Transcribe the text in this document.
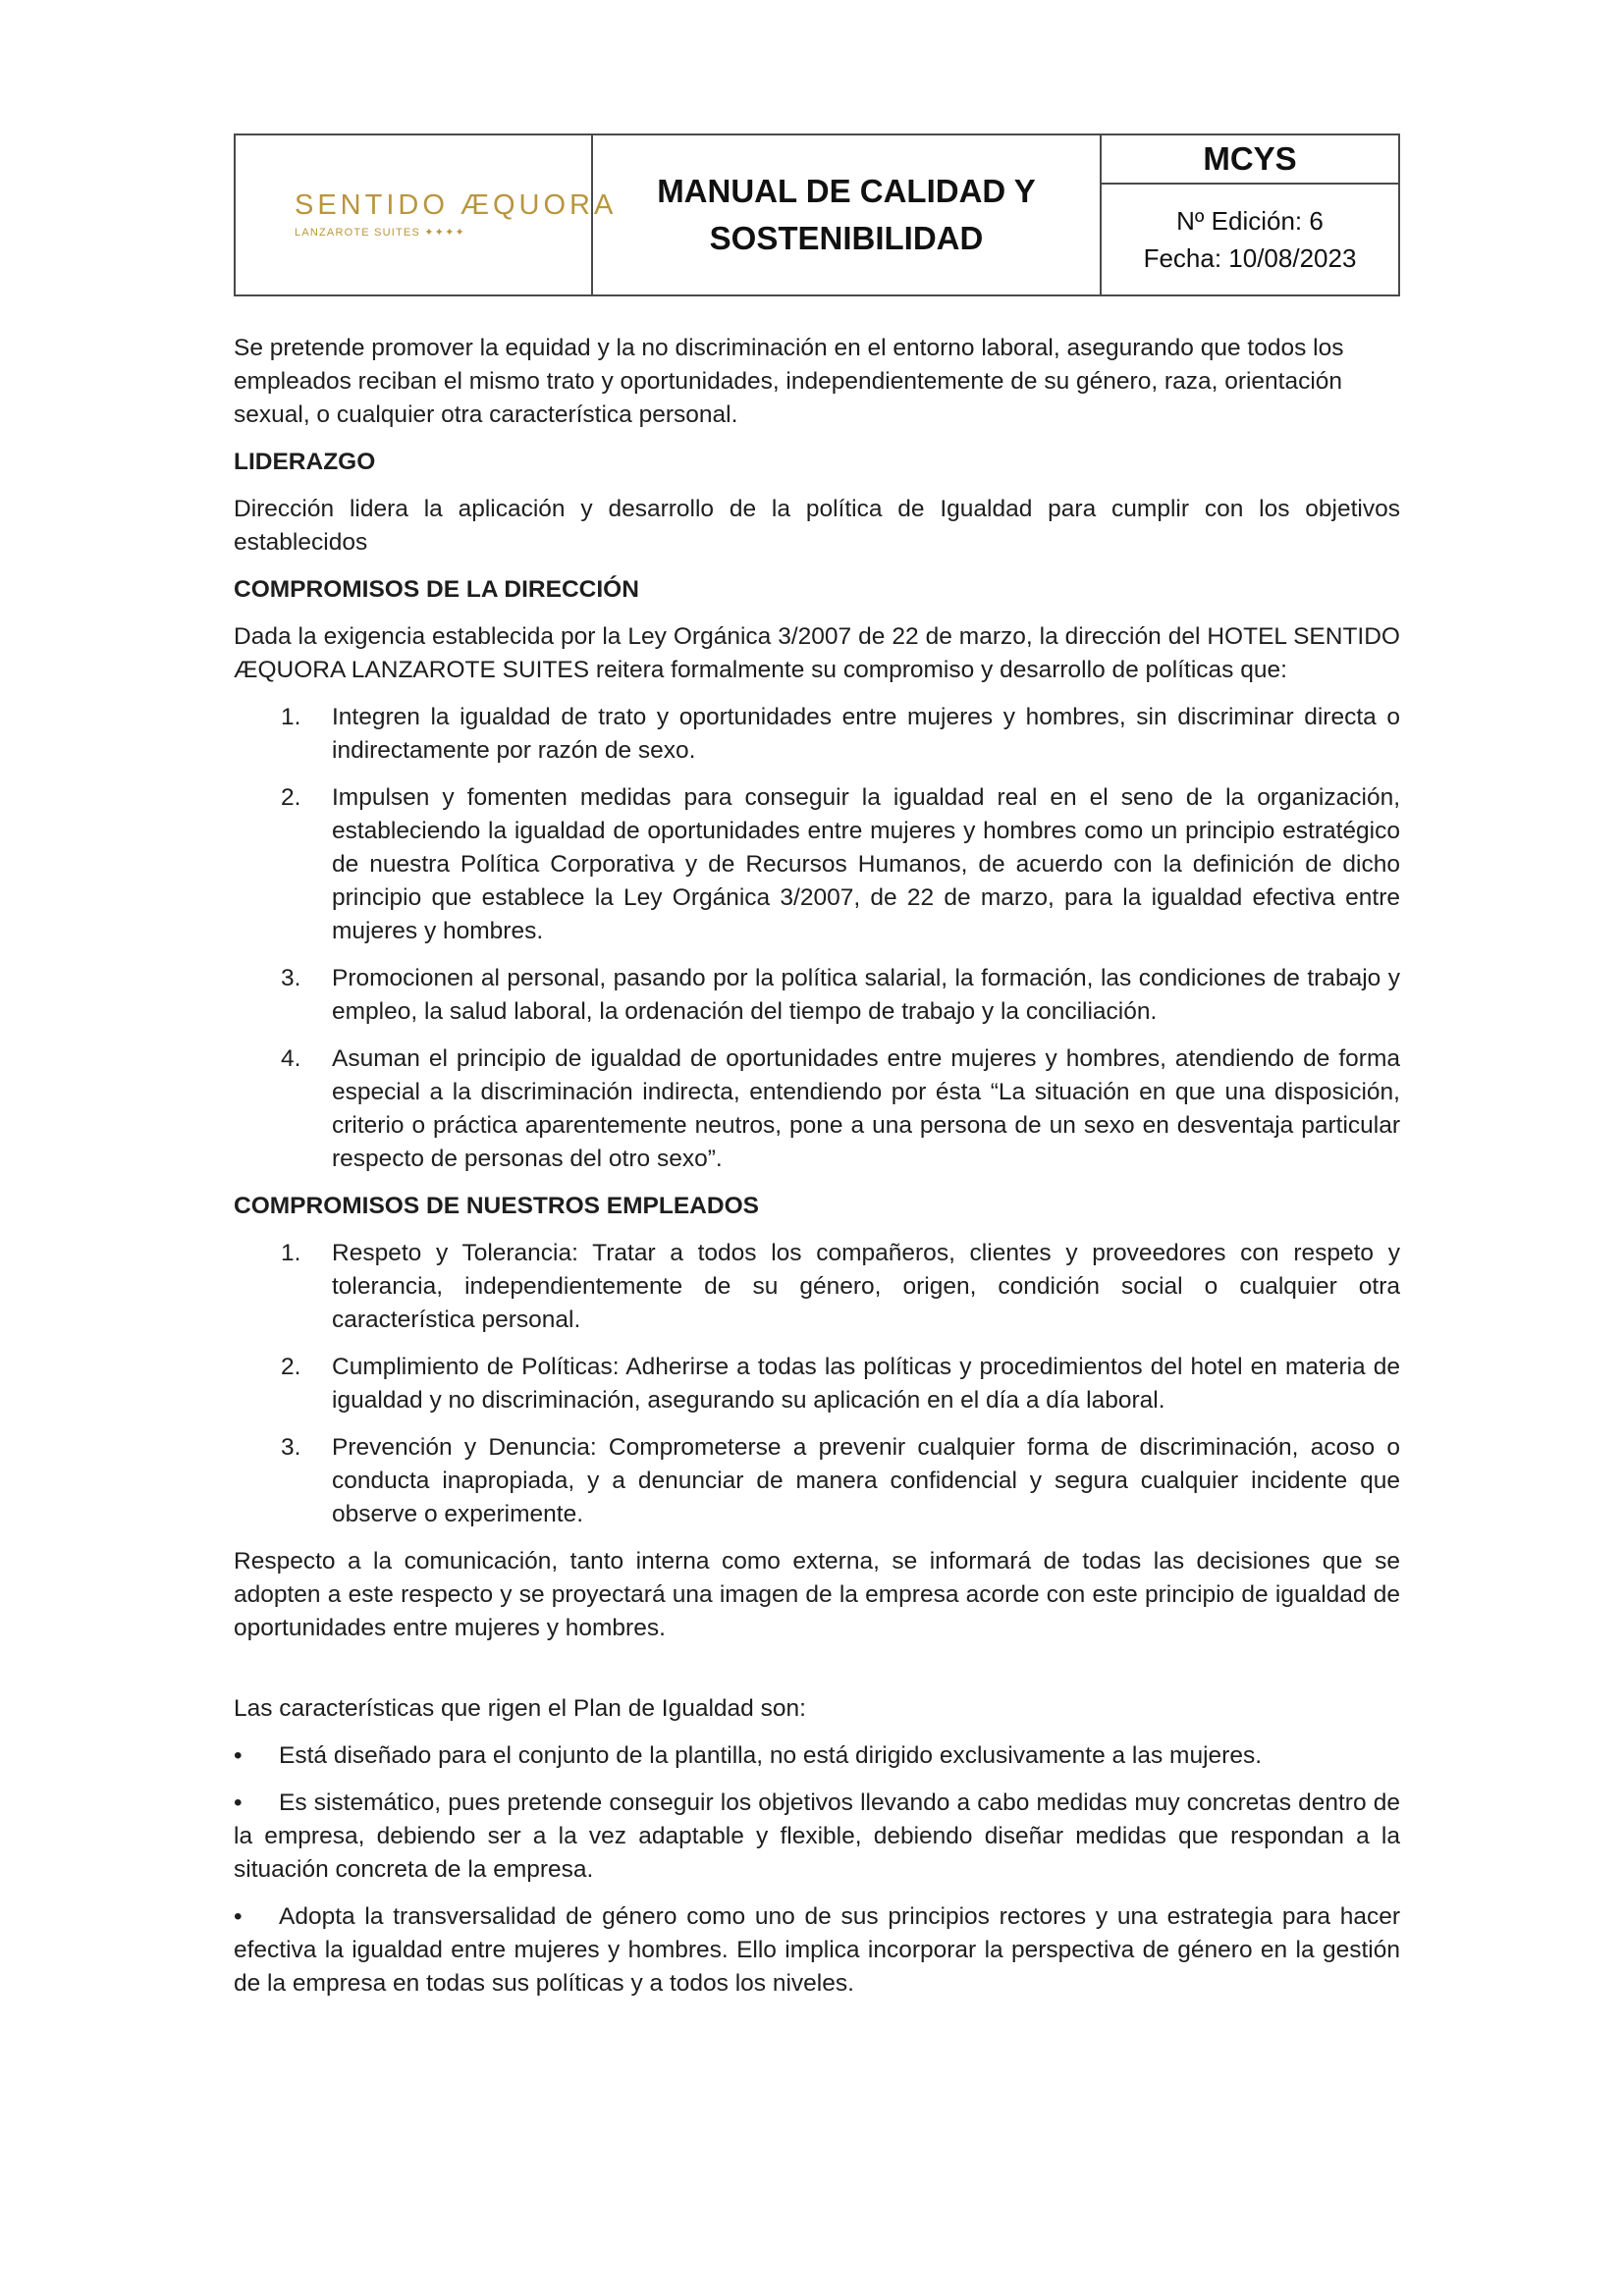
SENTIDO ÆQUORA
LANZAROTE SUITES ✦✦✦✦
MANUAL DE CALIDAD Y
SOSTENIBILIDAD
MCYS
Nº Edición: 6
Fecha: 10/08/2023

Se pretende promover la equidad y la no discriminación en el entorno laboral, asegurando que todos los empleados reciban el mismo trato y oportunidades, independientemente de su género, raza, orientación sexual, o cualquier otra característica personal.

LIDERAZGO

Dirección lidera la aplicación y desarrollo de la política de Igualdad para cumplir con los objetivos establecidos

COMPROMISOS DE LA DIRECCIÓN

Dada la exigencia establecida por la Ley Orgánica 3/2007 de 22 de marzo, la dirección del HOTEL SENTIDO ÆQUORA LANZAROTE SUITES reitera formalmente su compromiso y desarrollo de políticas que:

1.	Integren la igualdad de trato y oportunidades entre mujeres y hombres, sin discriminar directa o indirectamente por razón de sexo.
2.	Impulsen y fomenten medidas para conseguir la igualdad real en el seno de la organización, estableciendo la igualdad de oportunidades entre mujeres y hombres como un principio estratégico de nuestra Política Corporativa y de Recursos Humanos, de acuerdo con la definición de dicho principio que establece la Ley Orgánica 3/2007, de 22 de marzo, para la igualdad efectiva entre mujeres y hombres.
3.	Promocionen al personal, pasando por la política salarial, la formación, las condiciones de trabajo y empleo, la salud laboral, la ordenación del tiempo de trabajo y la conciliación.
4.	Asuman el principio de igualdad de oportunidades entre mujeres y hombres, atendiendo de forma especial a la discriminación indirecta, entendiendo por ésta “La situación en que una disposición, criterio o práctica aparentemente neutros, pone a una persona de un sexo en desventaja particular respecto de personas del otro sexo”.

COMPROMISOS DE NUESTROS EMPLEADOS

1.	Respeto y Tolerancia: Tratar a todos los compañeros, clientes y proveedores con respeto y tolerancia, independientemente de su género, origen, condición social o cualquier otra característica personal.
2.	Cumplimiento de Políticas: Adherirse a todas las políticas y procedimientos del hotel en materia de igualdad y no discriminación, asegurando su aplicación en el día a día laboral.
3.	Prevención y Denuncia: Comprometerse a prevenir cualquier forma de discriminación, acoso o conducta inapropiada, y a denunciar de manera confidencial y segura cualquier incidente que observe o experimente.

Respecto a la comunicación, tanto interna como externa, se informará de todas las decisiones que se adopten a este respecto y se proyectará una imagen de la empresa acorde con este principio de igualdad de oportunidades entre mujeres y hombres.

Las características que rigen el Plan de Igualdad son:

• Está diseñado para el conjunto de la plantilla, no está dirigido exclusivamente a las mujeres.

• Es sistemático, pues pretende conseguir los objetivos llevando a cabo medidas muy concretas dentro de la empresa, debiendo ser a la vez adaptable y flexible, debiendo diseñar medidas que respondan a la situación concreta de la empresa.

• Adopta la transversalidad de género como uno de sus principios rectores y una estrategia para hacer efectiva la igualdad entre mujeres y hombres. Ello implica incorporar la perspectiva de género en la gestión de la empresa en todas sus políticas y a todos los niveles.
